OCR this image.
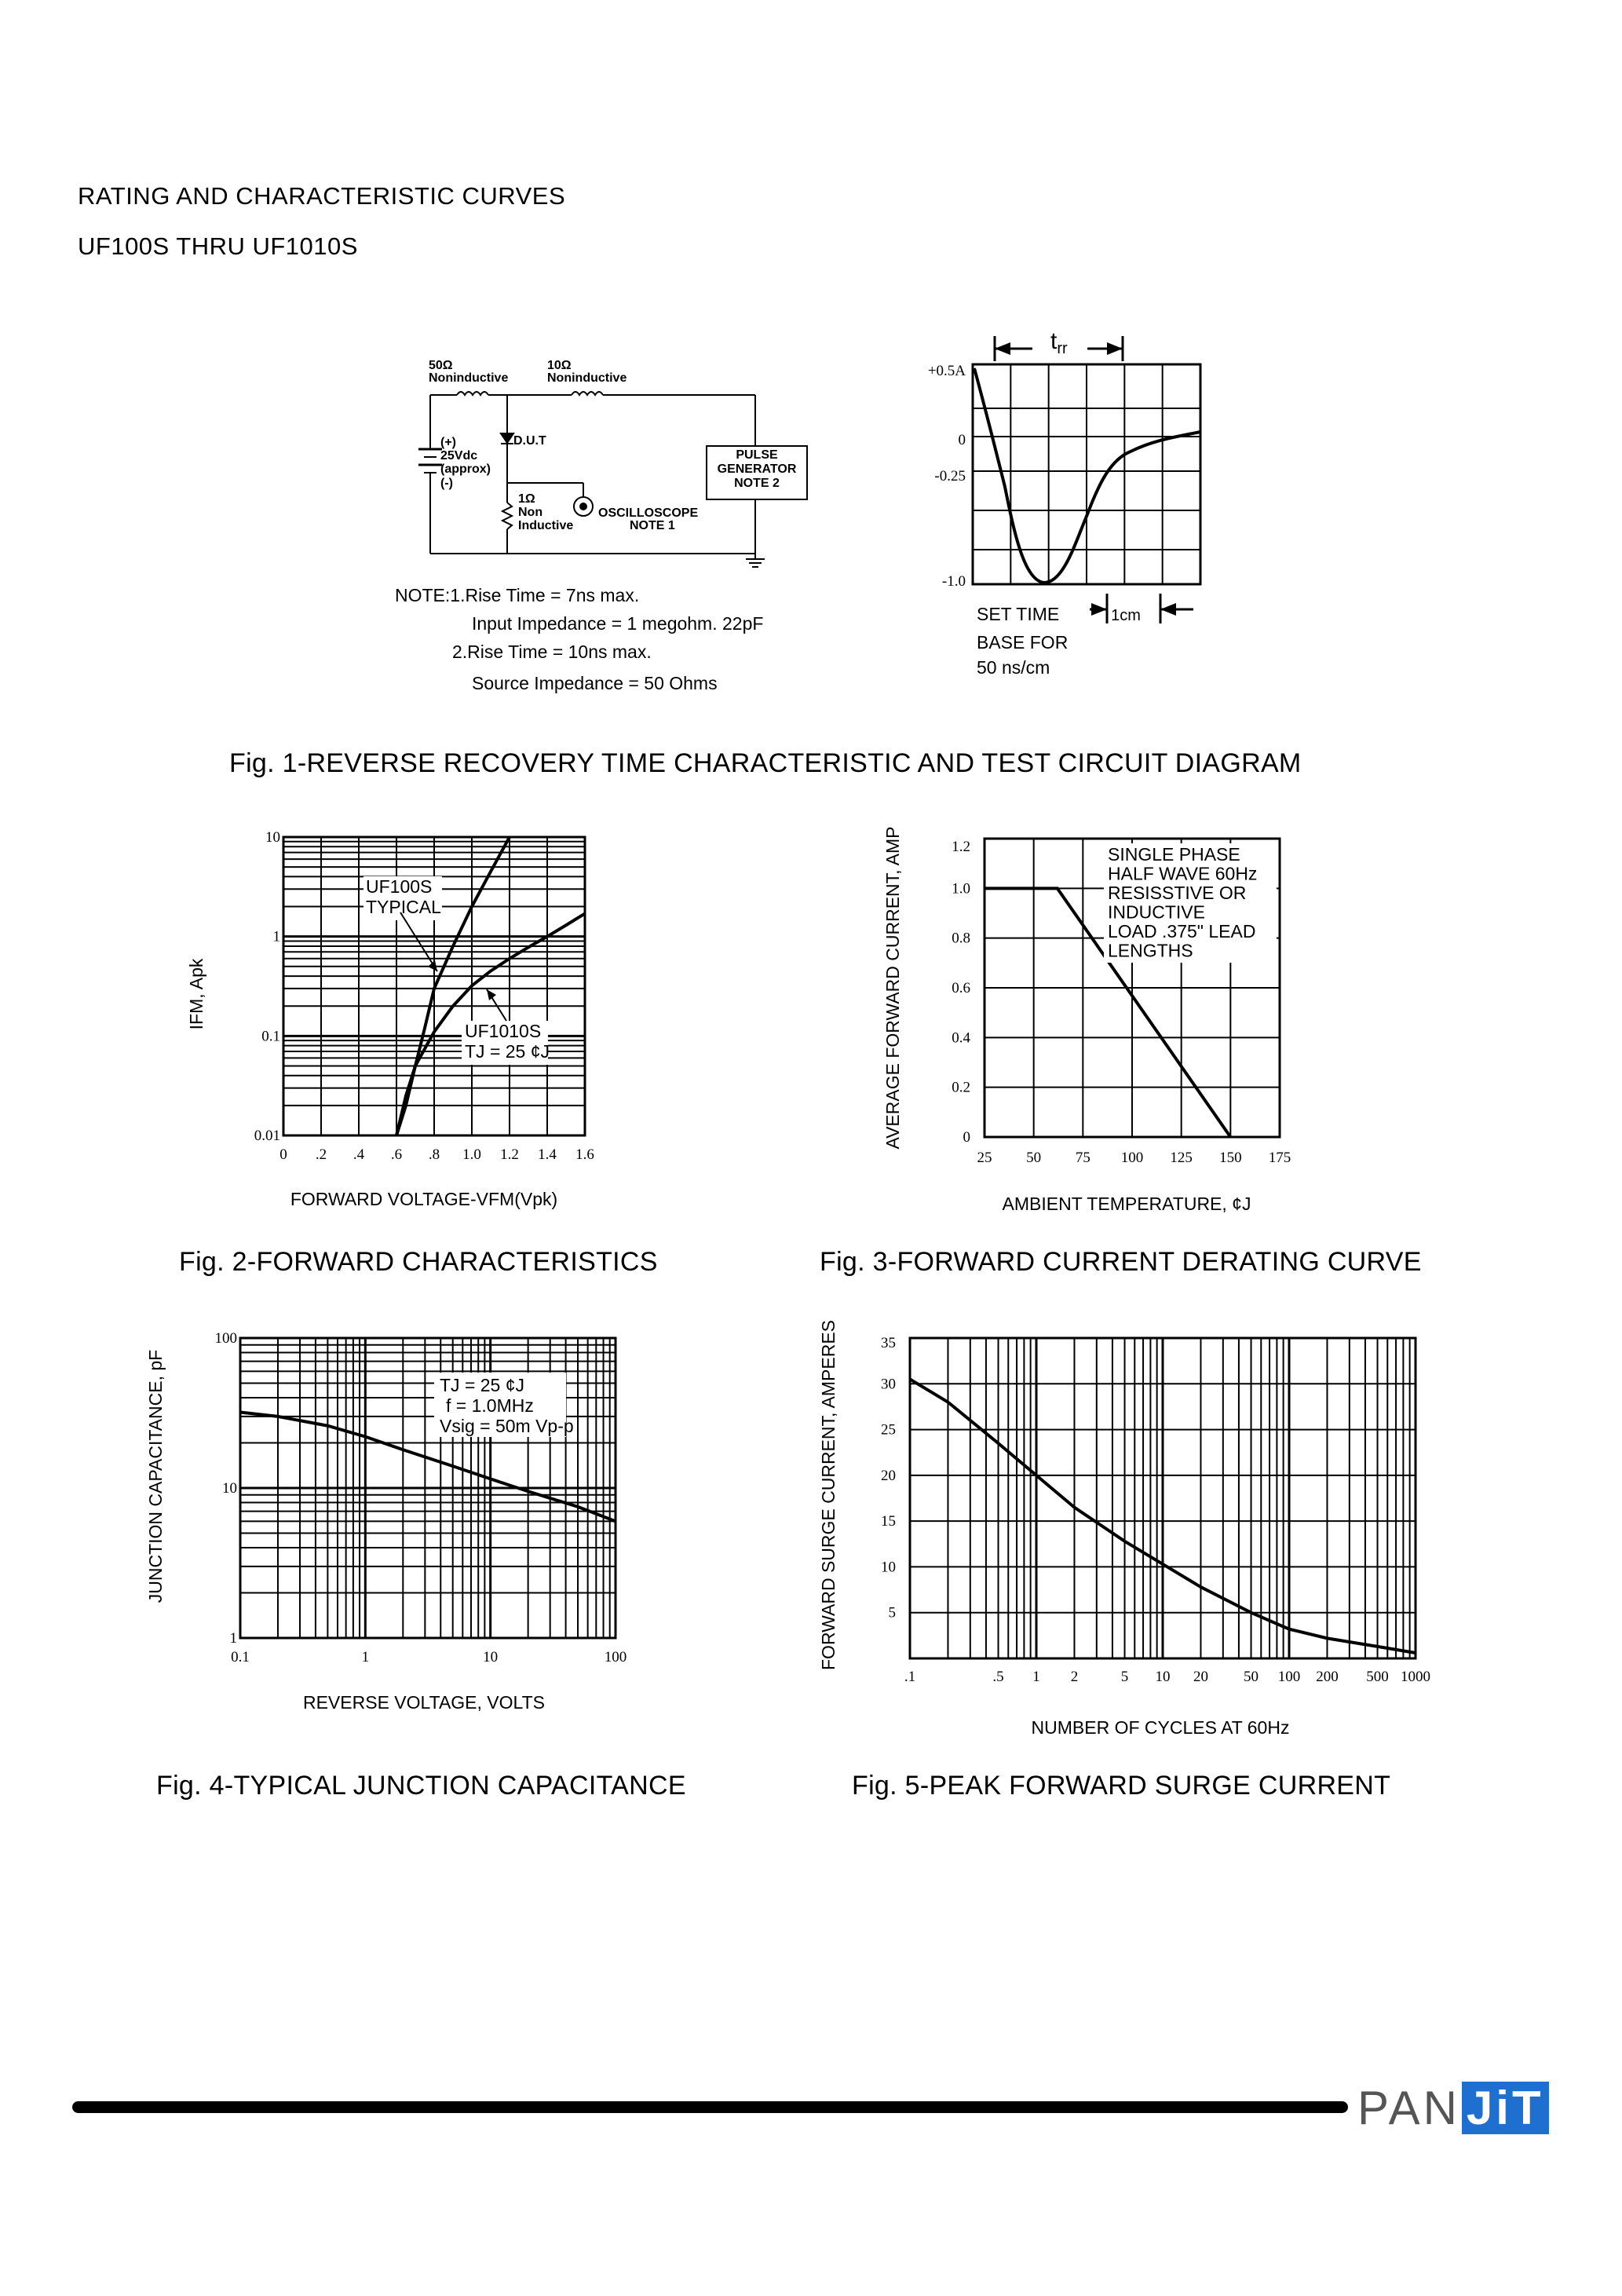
RATING AND CHARACTERISTIC CURVES
UF100S THRU UF1010S
50Ω
Noninductive
10Ω
Noninductive
D.U.T
(+)
25Vdc
(approx)
(-)
1Ω
Non
Inductive
OSCILLOSCOPE
NOTE 1
PULSE
GENERATOR
NOTE 2
NOTE:1.Rise Time = 7ns max.
Input Impedance = 1 megohm. 22pF
2.Rise Time = 10ns max.
Source Impedance = 50 Ohms
$t_{rr}$
+0.5A
0
-0.25
-1.0
SET TIME
BASE FOR
50 ns/cm
1cm
Fig. 1-REVERSE RECOVERY TIME CHARACTERISTIC AND TEST CIRCUIT DIAGRAM
10
1
0.1
0.01
0 .2 .4 .6 .8 1.0 1.2 1.4 1.6
UF100S
TYPICAL
UF1010S
TJ = 25 ¢J
IFM, Apk
FORWARD VOLTAGE-VFM(Vpk)
Fig. 2-FORWARD CHARACTERISTICS
1.2
1.0
0.8
0.6
0.4
0.2
0
25 50 75 100 125 150 175
SINGLE PHASE
HALF WAVE 60Hz
RESISSTIVE OR
INDUCTIVE
LOAD .375" LEAD
LENGTHS
AVERAGE FORWARD CURRENT, AMP
AMBIENT TEMPERATURE, ¢J
Fig. 3-FORWARD CURRENT DERATING CURVE
100
10
1
0.1	1	10	100
TJ = 25 ¢J
f = 1.0MHz
Vsig = 50m Vp-p
JUNCTION CAPACITANCE, pF
REVERSE VOLTAGE, VOLTS
Fig. 4-TYPICAL JUNCTION CAPACITANCE
35
30
25
20
15
10
5
.1	.5 1 2	5 10 20 50 100 200 500 1000
FORWARD SURGE CURRENT, AMPERES
NUMBER OF CYCLES AT 60Hz
Fig. 5-PEAK FORWARD SURGE CURRENT
PAN JiT
